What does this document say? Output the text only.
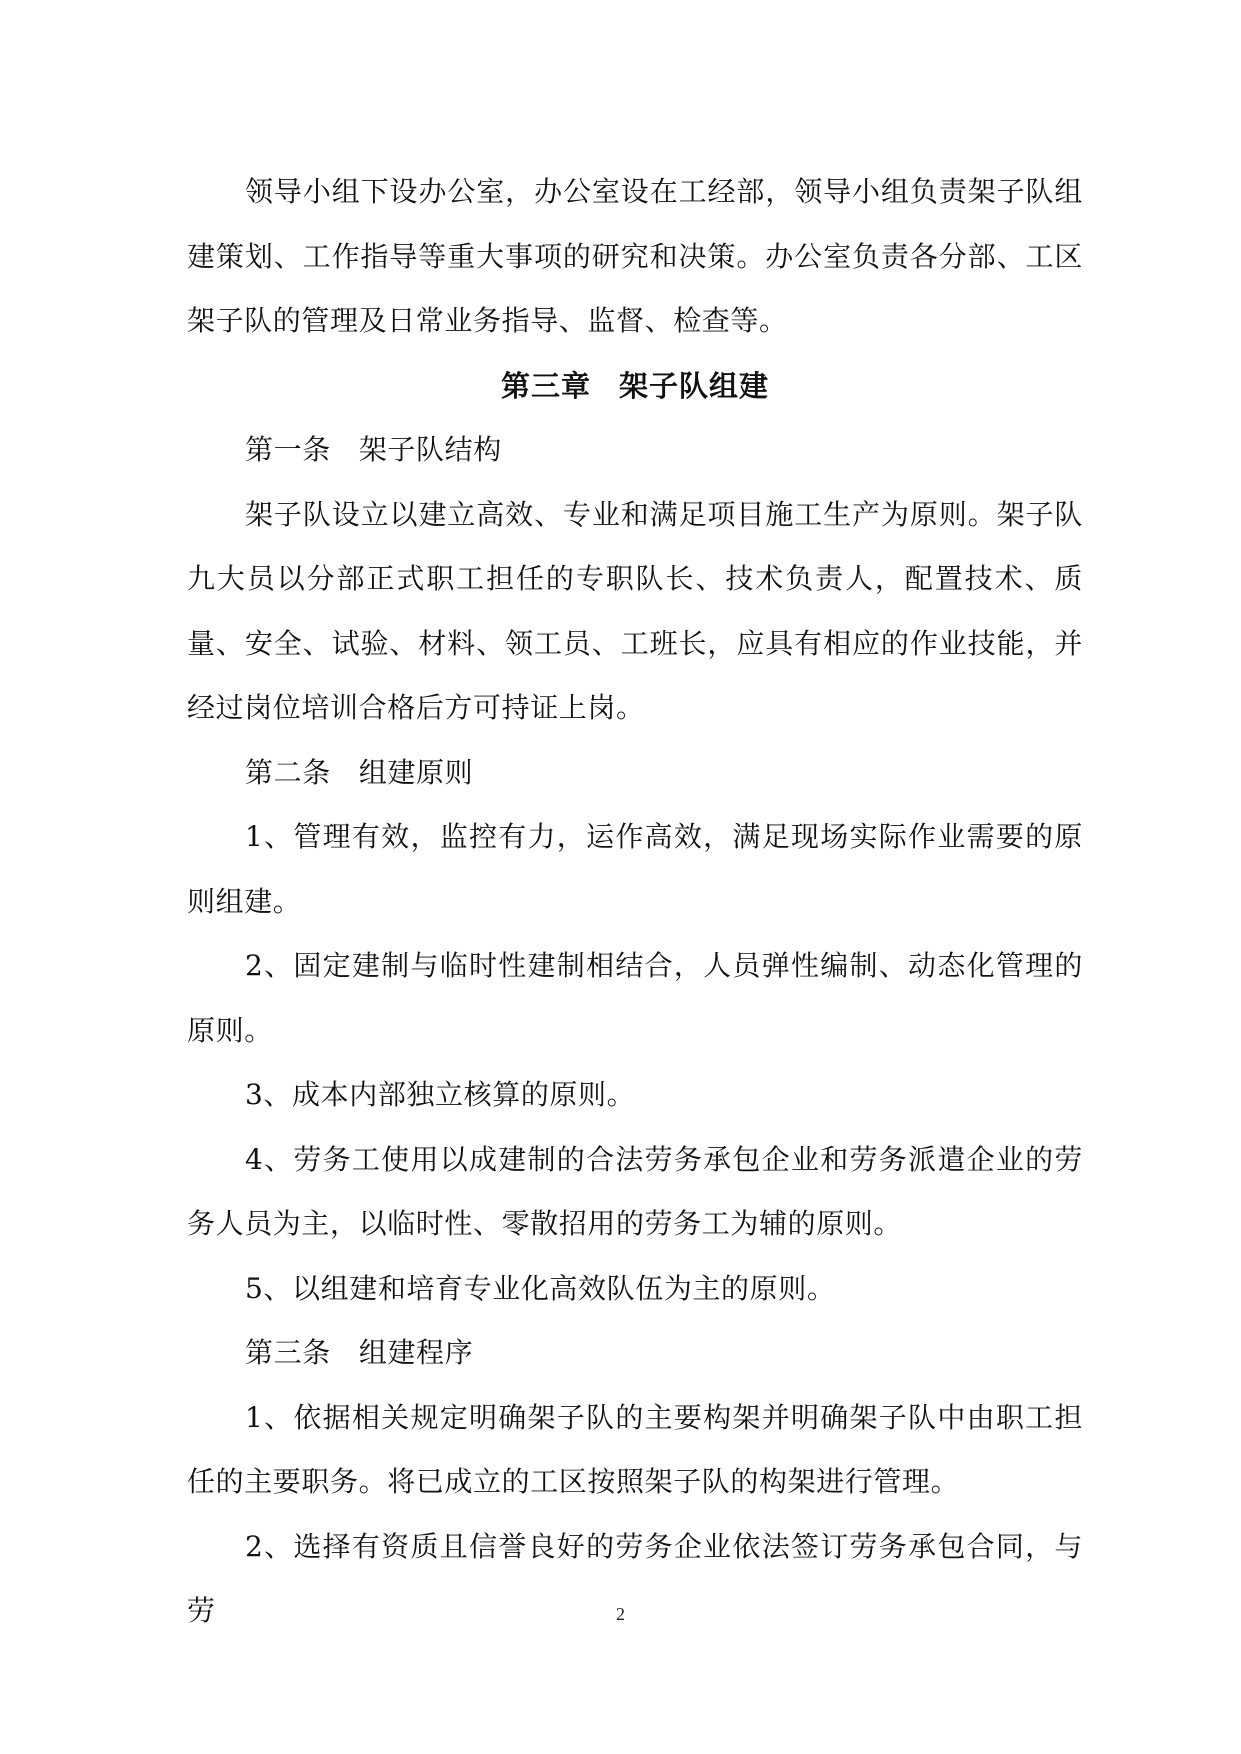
领导小组下设办公室，办公室设在工经部，领导小组负责架子队组建策划、工作指导等重大事项的研究和决策。办公室负责各分部、工区架子队的管理及日常业务指导、监督、检查等。

第三章 架子队组建

第一条 架子队结构

架子队设立以建立高效、专业和满足项目施工生产为原则。架子队九大员以分部正式职工担任的专职队长、技术负责人，配置技术、质量、安全、试验、材料、领工员、工班长，应具有相应的作业技能，并经过岗位培训合格后方可持证上岗。

第二条 组建原则

1、管理有效，监控有力，运作高效，满足现场实际作业需要的原则组建。

2、固定建制与临时性建制相结合，人员弹性编制、动态化管理的原则。

3、成本内部独立核算的原则。

4、劳务工使用以成建制的合法劳务承包企业和劳务派遣企业的劳务人员为主，以临时性、零散招用的劳务工为辅的原则。

5、以组建和培育专业化高效队伍为主的原则。

第三条 组建程序

1、依据相关规定明确架子队的主要构架并明确架子队中由职工担任的主要职务。将已成立的工区按照架子队的构架进行管理。

2、选择有资质且信誉良好的劳务企业依法签订劳务承包合同，与劳	2
